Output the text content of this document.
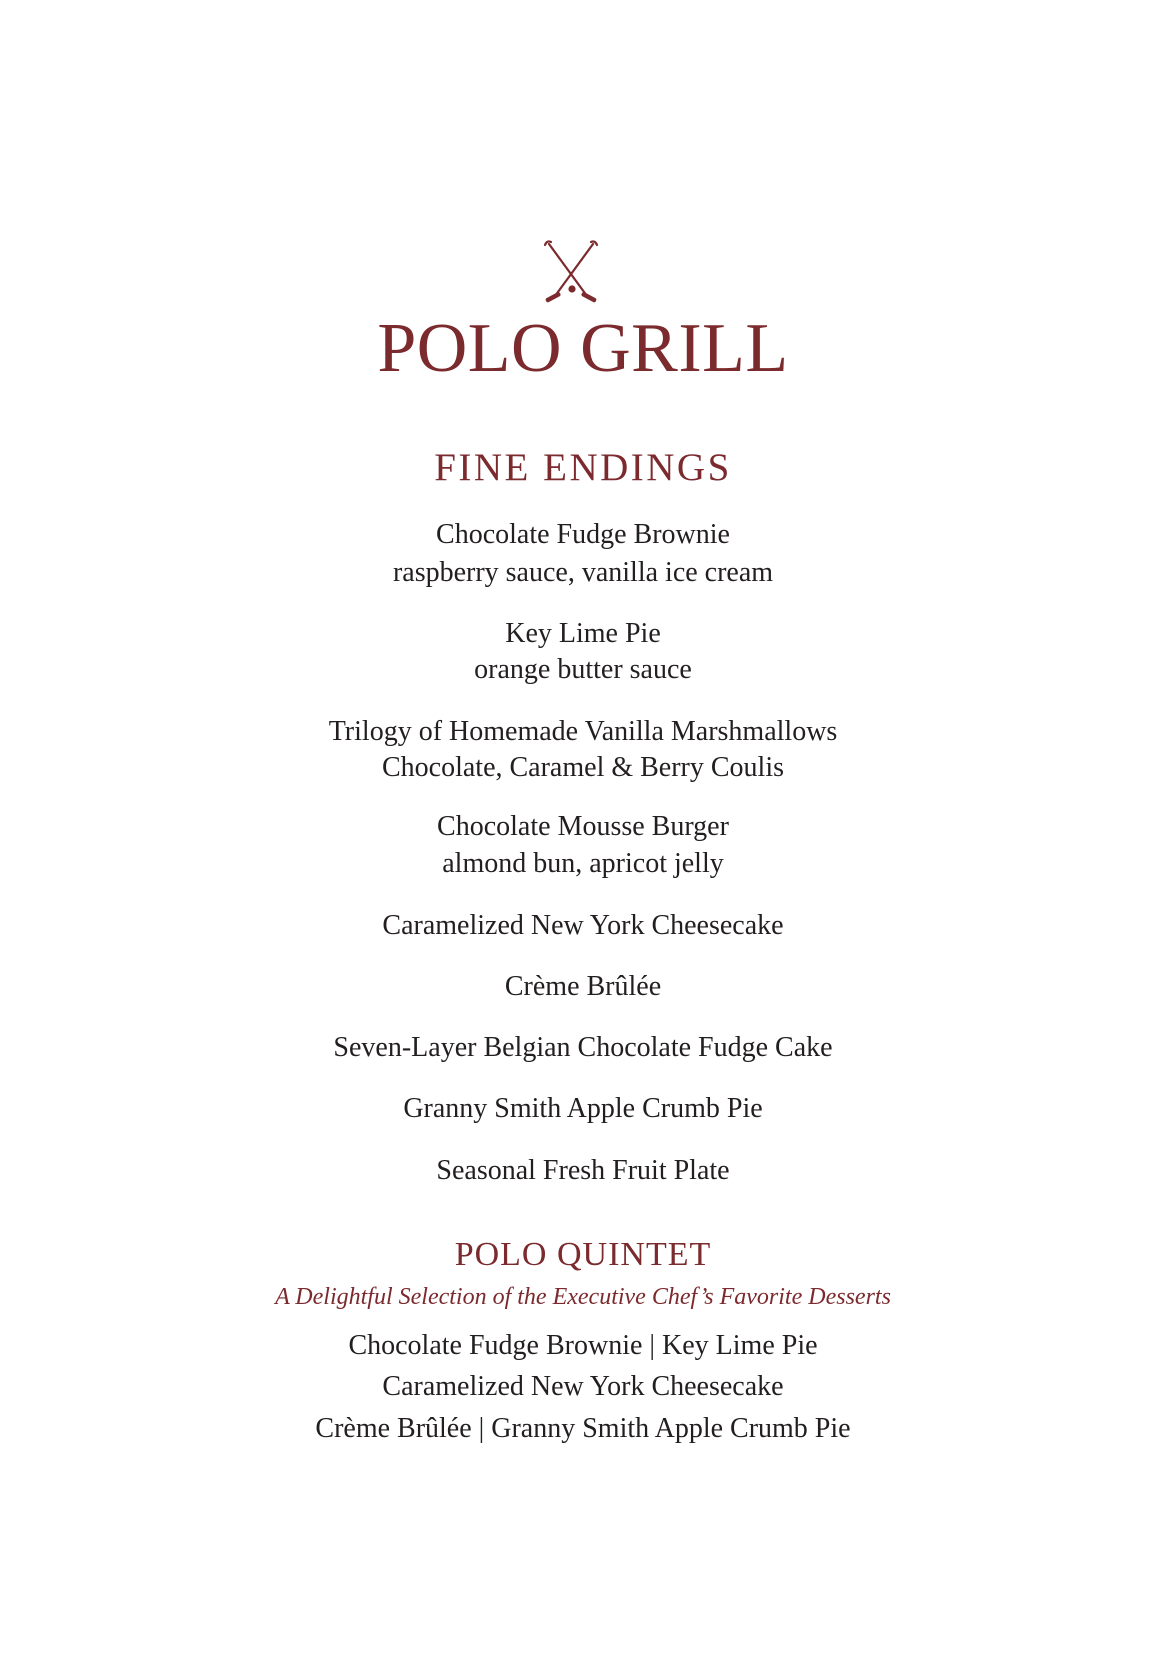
POLO GRILL
FINE ENDINGS
Chocolate Fudge Brownie
raspberry sauce, vanilla ice cream
Key Lime Pie
orange butter sauce
Trilogy of Homemade Vanilla Marshmallows
Chocolate, Caramel & Berry Coulis
Chocolate Mousse Burger
almond bun, apricot jelly
Caramelized New York Cheesecake
Crème Brûlée
Seven-Layer Belgian Chocolate Fudge Cake
Granny Smith Apple Crumb Pie
Seasonal Fresh Fruit Plate
POLO QUINTET
A Delightful Selection of the Executive Chef’s Favorite Desserts
Chocolate Fudge Brownie | Key Lime Pie
Caramelized New York Cheesecake
Crème Brûlée | Granny Smith Apple Crumb Pie
